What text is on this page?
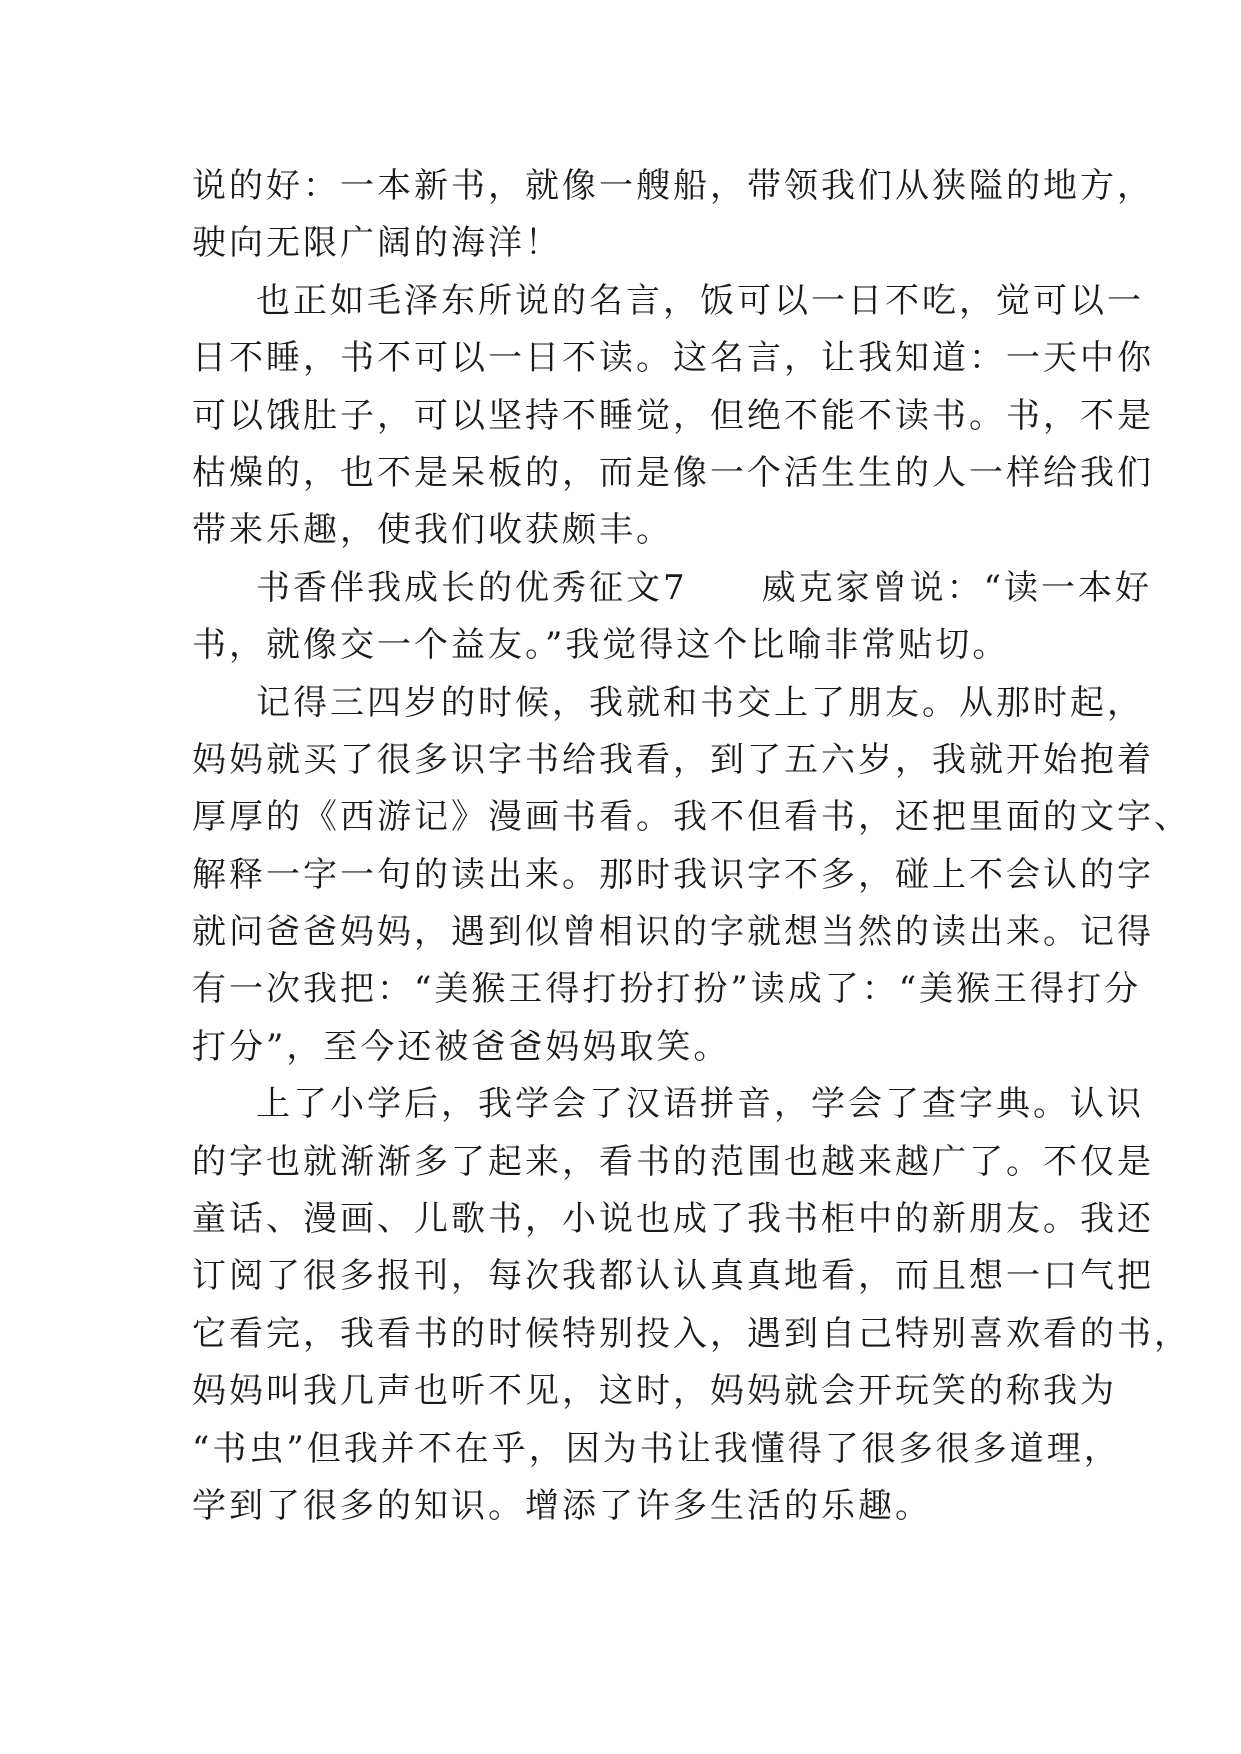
说的好：一本新书，就像一艘船，带领我们从狭隘的地方，
驶向无限广阔的海洋！
也正如毛泽东所说的名言，饭可以一日不吃，觉可以一
日不睡，书不可以一日不读。这名言，让我知道：一天中你
可以饿肚子，可以坚持不睡觉，但绝不能不读书。书，不是
枯燥的，也不是呆板的，而是像一个活生生的人一样给我们
带来乐趣，使我们收获颇丰。
书香伴我成长的优秀征文7　　威克家曾说：“读一本好
书，就像交一个益友。”我觉得这个比喻非常贴切。
记得三四岁的时候，我就和书交上了朋友。从那时起，
妈妈就买了很多识字书给我看，到了五六岁，我就开始抱着
厚厚的《西游记》漫画书看。我不但看书，还把里面的文字、
解释一字一句的读出来。那时我识字不多，碰上不会认的字
就问爸爸妈妈，遇到似曾相识的字就想当然的读出来。记得
有一次我把：“美猴王得打扮打扮”读成了：“美猴王得打分
打分”，至今还被爸爸妈妈取笑。
上了小学后，我学会了汉语拼音，学会了查字典。认识
的字也就渐渐多了起来，看书的范围也越来越广了。不仅是
童话、漫画、儿歌书，小说也成了我书柜中的新朋友。我还
订阅了很多报刊，每次我都认认真真地看，而且想一口气把
它看完，我看书的时候特别投入，遇到自己特别喜欢看的书，
妈妈叫我几声也听不见，这时，妈妈就会开玩笑的称我为
“书虫”但我并不在乎，因为书让我懂得了很多很多道理，
学到了很多的知识。增添了许多生活的乐趣。
